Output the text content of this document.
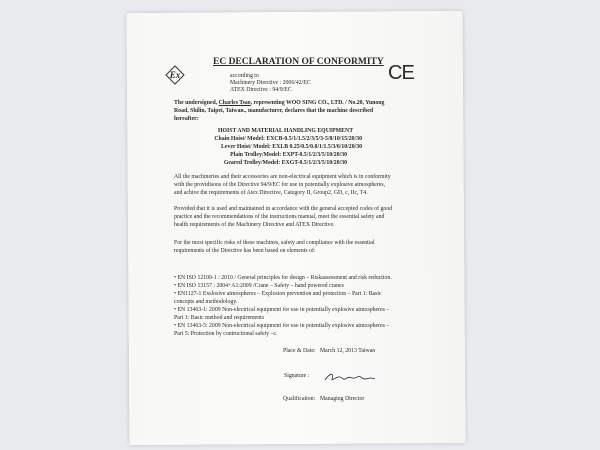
Ex	CE
EC DECLARATION OF CONFORMITY
according to
Machinery Directive : 2006/42/EC
ATEX Directive : 94/9/EC
The undersigned, Charles Tsao, representing WOO SING CO., LTD. / No.20, Yunong
Road, Shilin, Taipei, Taiwan., manufacturer, declares that the machine described
hereafter:
HOIST AND MATERIAL HANDLING EQUIPMENT
Chain Hoist/ Model: EXCB-0.5/1/1.5/2/3/5/3-5/8/10/15/20/30
Lever Hoist/ Model: EXLB 0.25/0.5/0.8/1/1.5/3/6/10/20/30
Plain Trolley/Model: EXPT-0.5/1/2/3/5/10/20/30
Geared Trolley/Model: EXGT-0.5/1/2/3/5/10/20/30
All the machineries and their accessories are non-electrical equipment which is in conformity
with the providisons of the Directive 94/9/EC for use in potentially explosive atmospheres,
and achive the requirements of Atex Directive, Category II, Group2, GD, c, IIc, T4.
Provided that it is used and maintained in accordance with the general accepted codes of good
practice and the recommendations of the instructions manual, meet the essential safety and
health requirements of the Machinery Directive and ATEX Directive.
For the most specific risks of these machines, safety and compliance with the essential
requirements of the Directive has been based on elements of:
• EN ISO 12100-1 : 2010 / General principles for design – Riskassessment and risk reduction.
• EN ISO 13157 : 2004+A1:2009 /Crane – Safety – hand powered cranes
• EN1127-1 Exslosive atmospheres – Explosion prevention and protection – Part 1: Basic
concepts and methodology.
• EN 13463-1: 2009 Non-electrical equipment for use in potentially explosive atmospheres –
Part 1: Basic method and requirements
• EN 13463-5: 2009 Non-electrical equipment for use in potentially explosive atmospheres –
Part 5: Protection by contructional safety –c.
Place & Date: March 12, 2013 Taiwan
Signature :
Qualification: Managing Director
